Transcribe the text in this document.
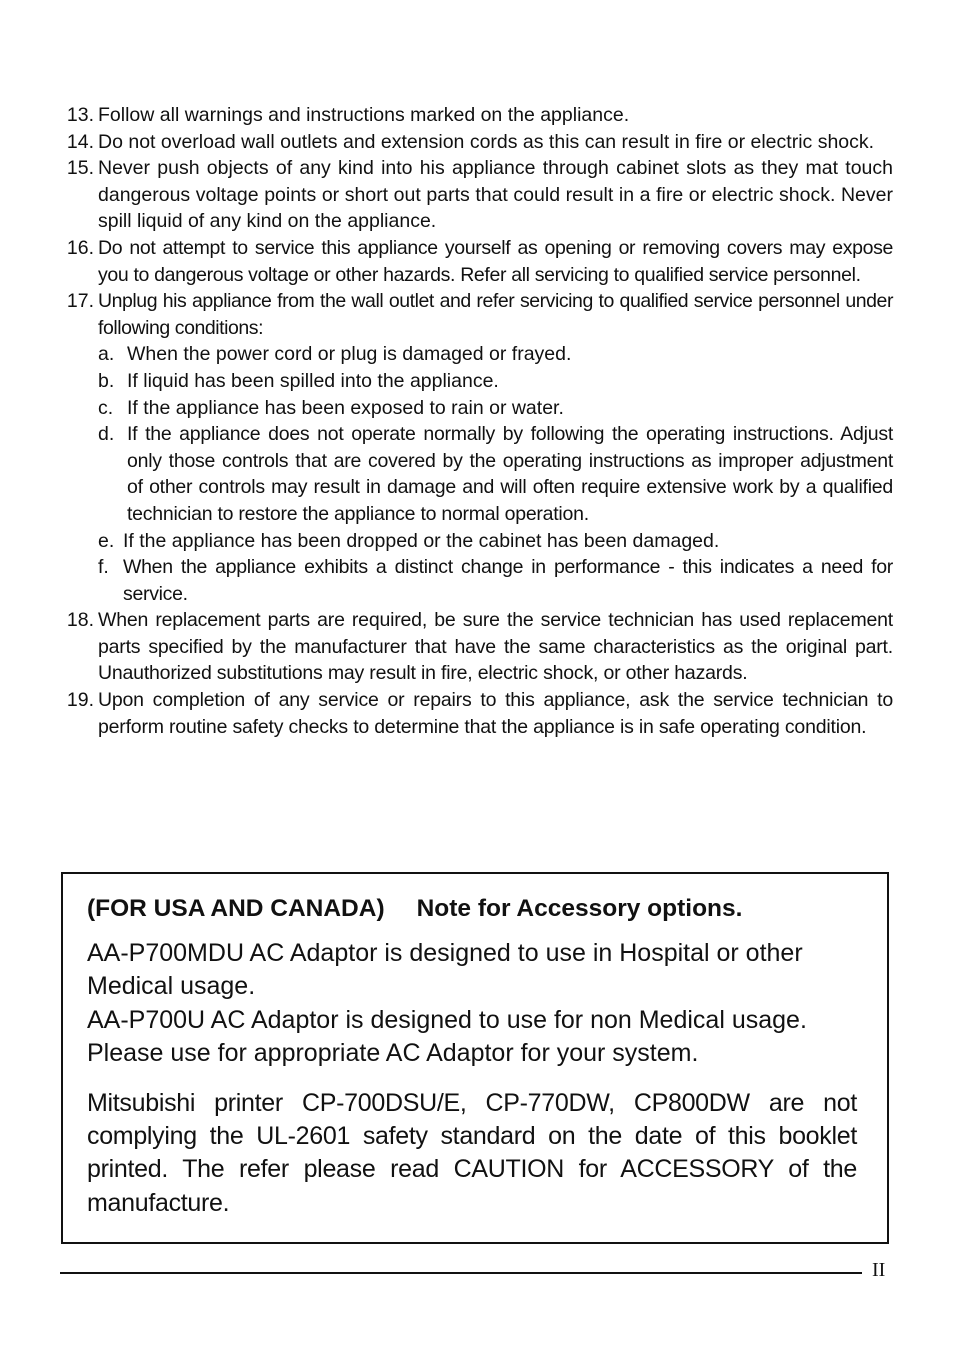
13. Follow all warnings and instructions marked on the appliance.
14. Do not overload wall outlets and extension cords as this can result in fire or electric shock.
15. Never push objects of any kind into his appliance through cabinet slots as they mat touch dangerous voltage points or short out parts that could result in a fire or electric shock. Never spill liquid of any kind on the appliance.
16. Do not attempt to service this appliance yourself as opening or removing covers may expose you to dangerous voltage or other hazards. Refer all servicing to qualified service personnel.
17. Unplug his appliance from the wall outlet and refer servicing to qualified service personnel under following conditions:
a. When the power cord or plug is damaged or frayed.
b. If liquid has been spilled into the appliance.
c. If the appliance has been exposed to rain or water.
d. If the appliance does not operate normally by following the operating instructions. Adjust only those controls that are covered by the operating instructions as improper adjustment of other controls may result in damage and will often require extensive work by a qualified technician to restore the appliance to normal operation.
e. If the appliance has been dropped or the cabinet has been damaged.
f. When the appliance exhibits a distinct change in performance - this indicates a need for service.
18. When replacement parts are required, be sure the service technician has used replacement parts specified by the manufacturer that have the same characteristics as the original part. Unauthorized substitutions may result in fire, electric shock, or other hazards.
19. Upon completion of any service or repairs to this appliance, ask the service technician to perform routine safety checks to determine that the appliance is in safe operating condition.
(FOR USA AND CANADA) Note for Accessory options.

AA-P700MDU AC Adaptor is designed to use in Hospital or other Medical usage.

AA-P700U AC Adaptor is designed to use for non Medical usage.

Please use for appropriate AC Adaptor for your system.

Mitsubishi printer CP-700DSU/E, CP-770DW, CP800DW are not complying the UL-2601 safety standard on the date of this booklet printed. The refer please read CAUTION for ACCESSORY of the manufacture.

II
